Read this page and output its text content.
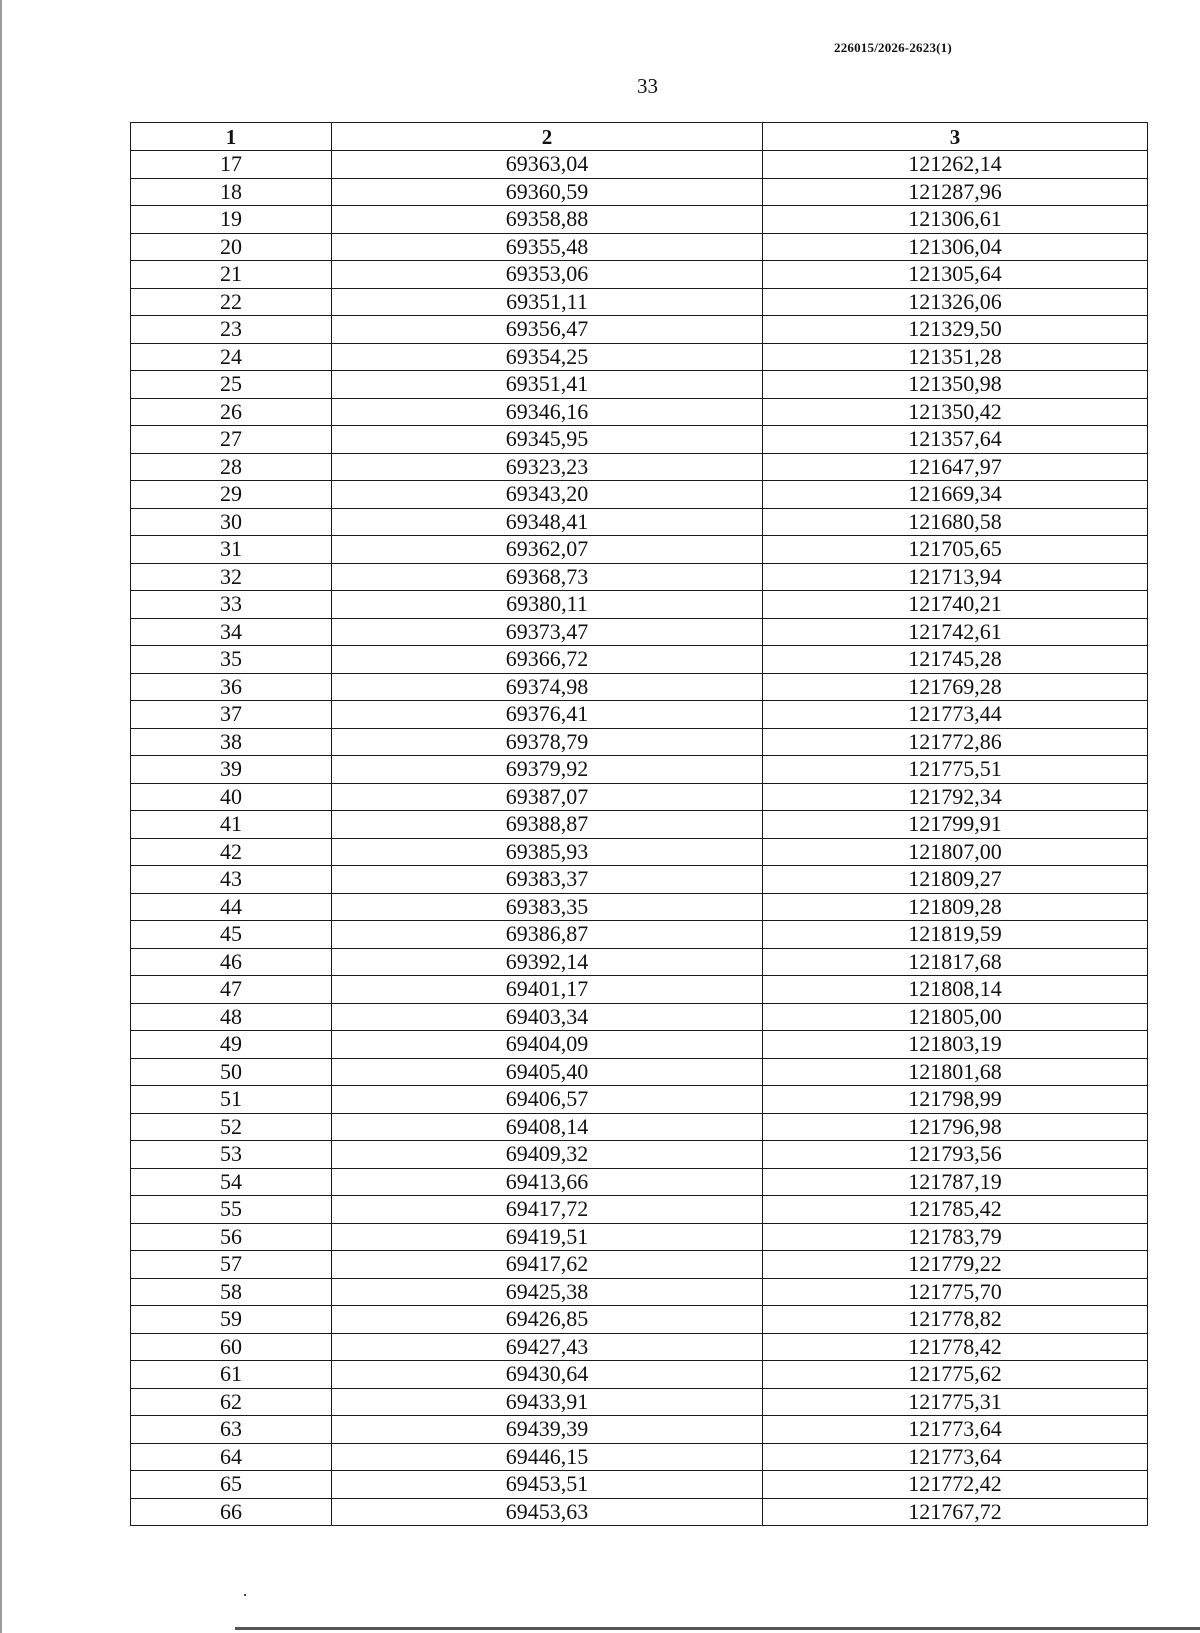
226015/2026-2623(1)
33
1	2	3
17	69363,04	121262,14
18	69360,59	121287,96
19	69358,88	121306,61
20	69355,48	121306,04
21	69353,06	121305,64
22	69351,11	121326,06
23	69356,47	121329,50
24	69354,25	121351,28
25	69351,41	121350,98
26	69346,16	121350,42
27	69345,95	121357,64
28	69323,23	121647,97
29	69343,20	121669,34
30	69348,41	121680,58
31	69362,07	121705,65
32	69368,73	121713,94
33	69380,11	121740,21
34	69373,47	121742,61
35	69366,72	121745,28
36	69374,98	121769,28
37	69376,41	121773,44
38	69378,79	121772,86
39	69379,92	121775,51
40	69387,07	121792,34
41	69388,87	121799,91
42	69385,93	121807,00
43	69383,37	121809,27
44	69383,35	121809,28
45	69386,87	121819,59
46	69392,14	121817,68
47	69401,17	121808,14
48	69403,34	121805,00
49	69404,09	121803,19
50	69405,40	121801,68
51	69406,57	121798,99
52	69408,14	121796,98
53	69409,32	121793,56
54	69413,66	121787,19
55	69417,72	121785,42
56	69419,51	121783,79
57	69417,62	121779,22
58	69425,38	121775,70
59	69426,85	121778,82
60	69427,43	121778,42
61	69430,64	121775,62
62	69433,91	121775,31
63	69439,39	121773,64
64	69446,15	121773,64
65	69453,51	121772,42
66	69453,63	121767,72
